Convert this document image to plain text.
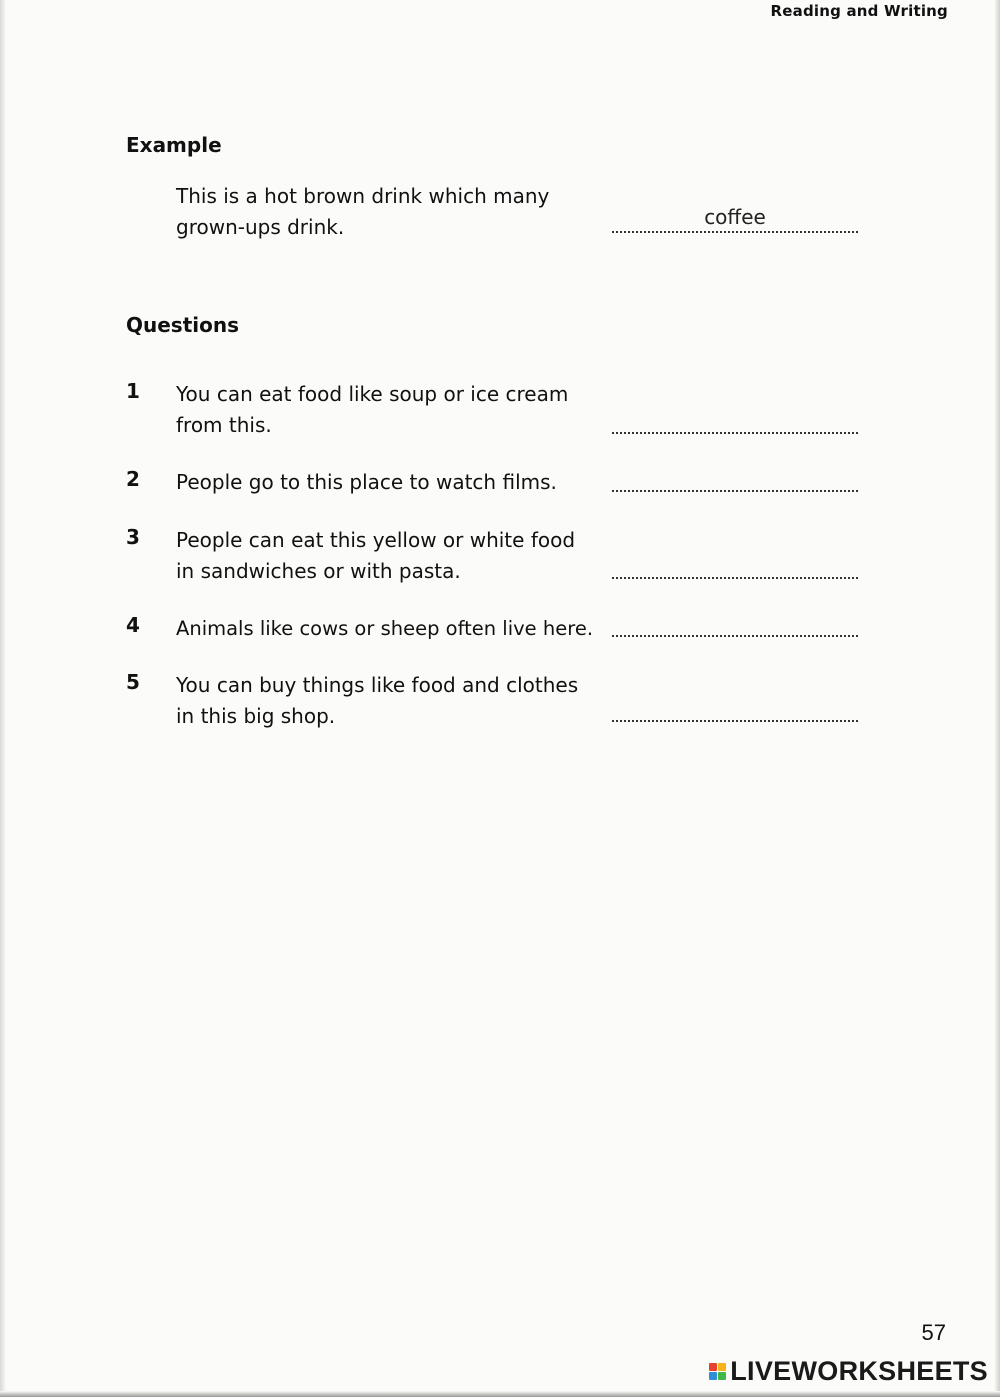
Reading and Writing
Example
This is a hot brown drink which many grown-ups drink.	coffee
Questions
1 You can eat food like soup or ice cream from this.
2 People go to this place to watch films.
3 People can eat this yellow or white food in sandwiches or with pasta.
4 Animals like cows or sheep often live here.
5 You can buy things like food and clothes in this big shop.
57
LIVEWORKSHEETS
